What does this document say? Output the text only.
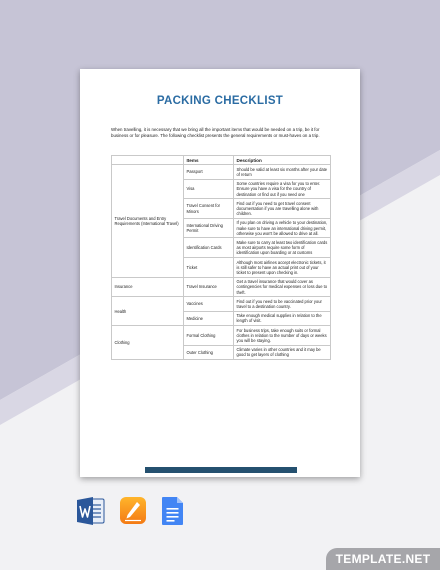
PACKING CHECKLIST
When travelling, it is necessary that we bring all the important items that would be needed on a trip, be it for business or for pleasure. The following checklist presents the general requirements or must-haves on a trip.
	Items	Description
Travel Documents and Entry Requirements (International Travel)	Passport	Should be valid at least six months after your date of return
	Visa	Some countries require a visa for you to enter. Ensure you have a visa for the country of destination or find out if you need one
	Travel Consent for Minors	Find out if you need to get travel consent documentation if you are travelling alone with children.
	International Driving Permit	If you plan on driving a vehicle to your destination, make sure to have an international driving permit, otherwise you won't be allowed to drive at all.
	Identification Cards	Make sure to carry at least two identification cards as most airports require some form of identification upon boarding or at customs
	Ticket	Although most airlines accept electronic tickets, it is still safer to have an actual print out of your ticket to present upon checking in.
Insurance	Travel Insurance	Get a travel insurance that would cover as contingencies for medical expenses or loss due to theft.
Health	Vaccines	Find out if you need to be vaccinated prior your travel to a destination country.
	Medicine	Take enough medical supplies in relation to the length of visit.
Clothing	Formal Clothing	For business trips, take enough suits or formal clothes in relation to the number of days or weeks you will be staying.
	Outer Clothing	Climate varies in other countries and it may be good to get layers of clothing
TEMPLATE.NET
